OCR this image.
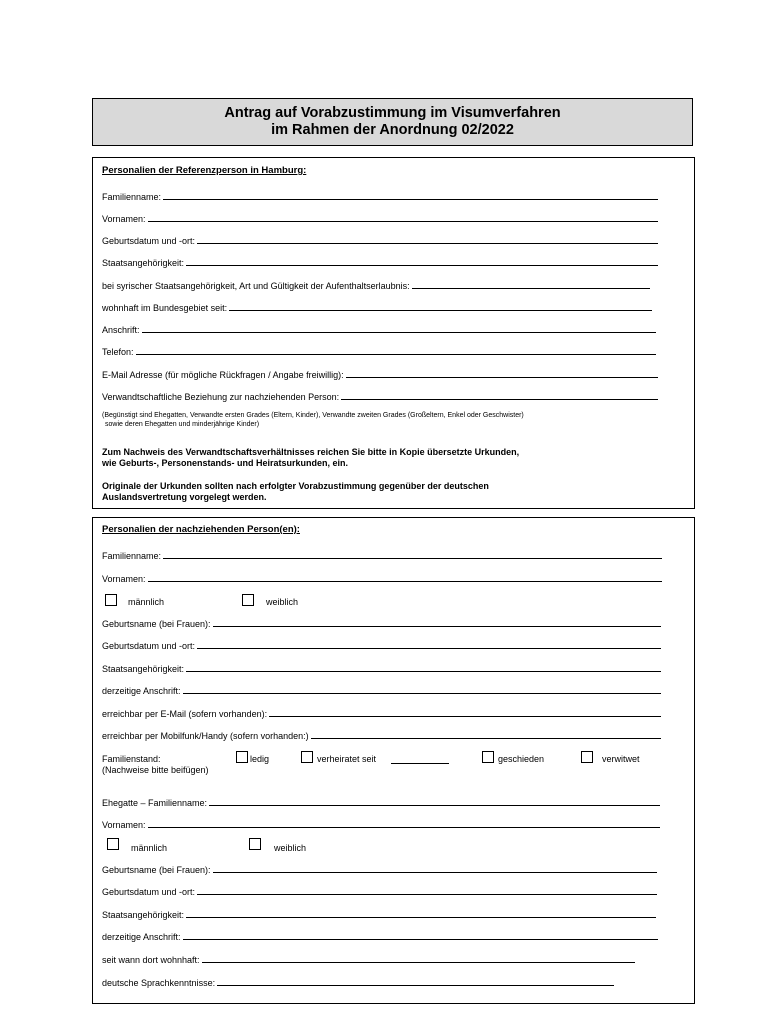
Antrag auf Vorabzustimmung im Visumverfahren
im Rahmen der Anordnung 02/2022
Personalien der Referenzperson in Hamburg:
Familienname:
Vornamen:
Geburtsdatum und -ort:
Staatsangehörigkeit:
bei syrischer Staatsangehörigkeit, Art und Gültigkeit der Aufenthaltserlaubnis:
wohnhaft im Bundesgebiet seit:
Anschrift:
Telefon:
E-Mail Adresse (für mögliche Rückfragen / Angabe freiwillig):
Verwandtschaftliche Beziehung zur nachziehenden Person:
(Begünstigt sind Ehegatten, Verwandte ersten Grades (Eltern, Kinder), Verwandte zweiten Grades (Großeltern, Enkel oder Geschwister)
sowie deren Ehegatten und minderjährige Kinder)
Zum Nachweis des Verwandtschaftsverhältnisses reichen Sie bitte in Kopie übersetzte Urkunden,
wie Geburts-, Personenstands- und Heiratsurkunden, ein.
Originale der Urkunden sollten nach erfolgter Vorabzustimmung gegenüber der deutschen
Auslandsvertretung vorgelegt werden.
Personalien der nachziehenden Person(en):
Familienname:
Vornamen:
männlich	weiblich
Geburtsname (bei Frauen):
Geburtsdatum und -ort:
Staatsangehörigkeit:
derzeitige Anschrift:
erreichbar per E-Mail (sofern vorhanden):
erreichbar per Mobilfunk/Handy (sofern vorhanden:)
Familienstand:
(Nachweise bitte beifügen)
ledig	verheiratet seit	geschieden	verwitwet
Ehegatte – Familienname:
Vornamen:
männlich	weiblich
Geburtsname (bei Frauen):
Geburtsdatum und -ort:
Staatsangehörigkeit:
derzeitige Anschrift:
seit wann dort wohnhaft:
deutsche Sprachkenntnisse:
